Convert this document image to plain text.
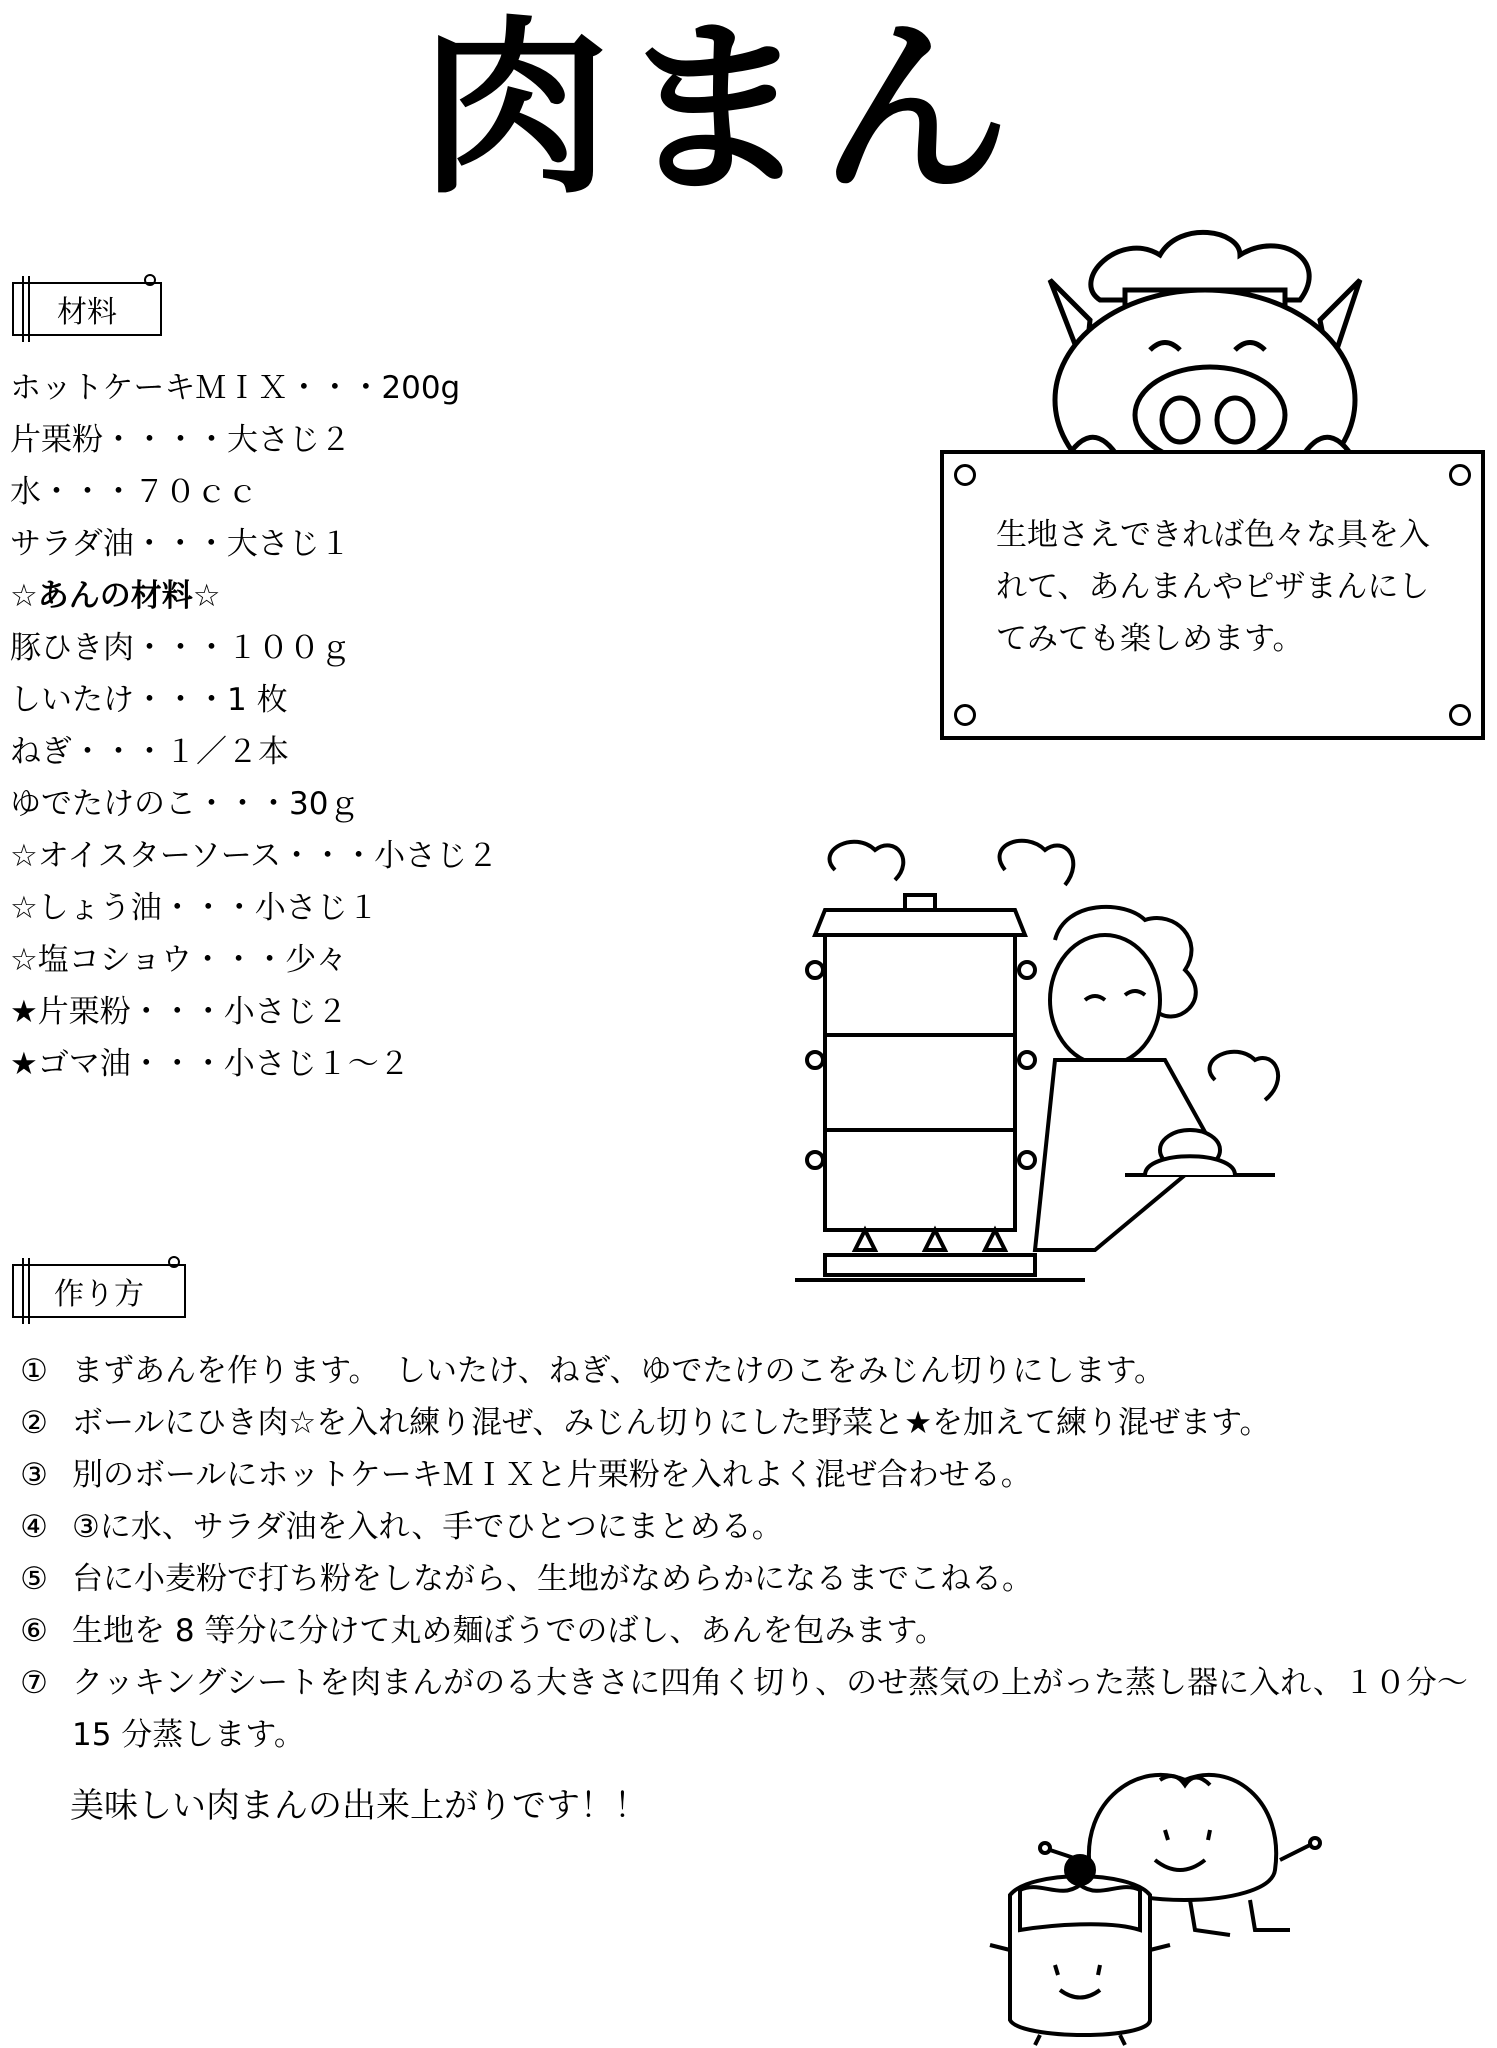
肉まん
生地さえできれば色々な具を入れて、あんまんやピザまんにしてみても楽しめます。
材料
ホットケーキＭＩＸ・・・200g
片栗粉・・・・大さじ２
水・・・７０ｃｃ
サラダ油・・・大さじ１
☆あんの材料☆
豚ひき肉・・・１００ｇ
しいたけ・・・1 枚
ねぎ・・・１／２本
ゆでたけのこ・・・30ｇ
☆オイスターソース・・・小さじ２
☆しょう油・・・小さじ１
☆塩コショウ・・・少々
★片栗粉・・・小さじ２
★ゴマ油・・・小さじ１～２
作り方
① まずあんを作ります。　しいたけ、ねぎ、ゆでたけのこをみじん切りにします。
② ボールにひき肉☆を入れ練り混ぜ、みじん切りにした野菜と★を加えて練り混ぜます。
③ 別のボールにホットケーキＭＩＸと片栗粉を入れよく混ぜ合わせる。
④ ③に水、サラダ油を入れ、手でひとつにまとめる。
⑤ 台に小麦粉で打ち粉をしながら、生地がなめらかになるまでこねる。
⑥ 生地を 8 等分に分けて丸め麺ぼうでのばし、あんを包みます。
⑦ クッキングシートを肉まんがのる大きさに四角く切り、のせ蒸気の上がった蒸し器に入れ、１０分～15 分蒸します。
美味しい肉まんの出来上がりです！！
